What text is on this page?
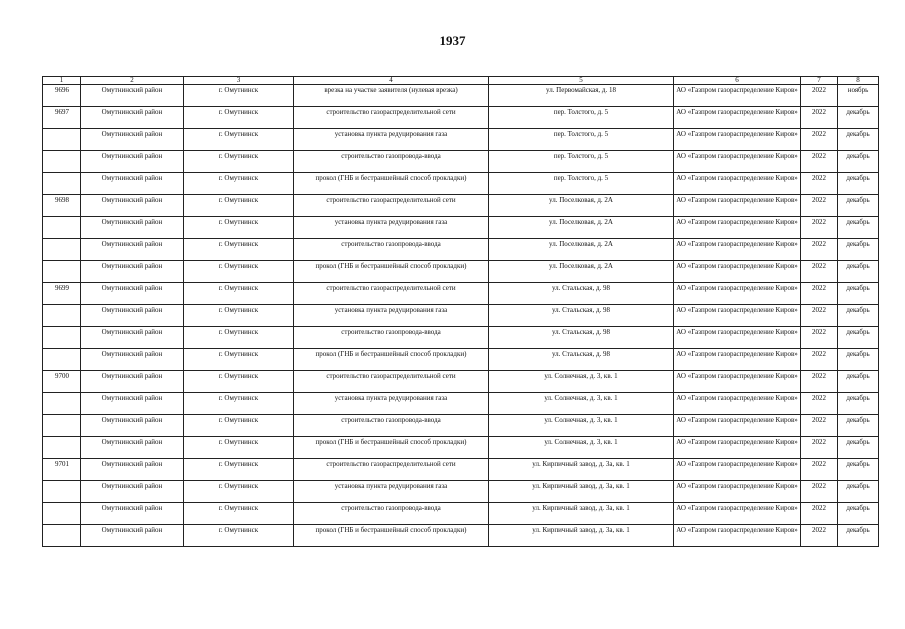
1937
1	2	3	4	5	6	7	8
9696	Омутнинский район	г. Омутнинск	врезка на участке заявителя (нулевая врезка)	ул. Первомайская, д. 18	АО «Газпром газораспределение Киров»	2022	ноябрь
9697	Омутнинский район	г. Омутнинск	строительство газораспределительной сети	пер. Толстого, д. 5	АО «Газпром газораспределение Киров»	2022	декабрь
	Омутнинский район	г. Омутнинск	установка пункта редуцирования газа	пер. Толстого, д. 5	АО «Газпром газораспределение Киров»	2022	декабрь
	Омутнинский район	г. Омутнинск	строительство газопровода-ввода	пер. Толстого, д. 5	АО «Газпром газораспределение Киров»	2022	декабрь
	Омутнинский район	г. Омутнинск	прокол (ГНБ и бестраншейный способ прокладки)	пер. Толстого, д. 5	АО «Газпром газораспределение Киров»	2022	декабрь
9698	Омутнинский район	г. Омутнинск	строительство газораспределительной сети	ул. Поселковая, д. 2А	АО «Газпром газораспределение Киров»	2022	декабрь
	Омутнинский район	г. Омутнинск	установка пункта редуцирования газа	ул. Поселковая, д. 2А	АО «Газпром газораспределение Киров»	2022	декабрь
	Омутнинский район	г. Омутнинск	строительство газопровода-ввода	ул. Поселковая, д. 2А	АО «Газпром газораспределение Киров»	2022	декабрь
	Омутнинский район	г. Омутнинск	прокол (ГНБ и бестраншейный способ прокладки)	ул. Поселковая, д. 2А	АО «Газпром газораспределение Киров»	2022	декабрь
9699	Омутнинский район	г. Омутнинск	строительство газораспределительной сети	ул. Стальская, д. 98	АО «Газпром газораспределение Киров»	2022	декабрь
	Омутнинский район	г. Омутнинск	установка пункта редуцирования газа	ул. Стальская, д. 98	АО «Газпром газораспределение Киров»	2022	декабрь
	Омутнинский район	г. Омутнинск	строительство газопровода-ввода	ул. Стальская, д. 98	АО «Газпром газораспределение Киров»	2022	декабрь
	Омутнинский район	г. Омутнинск	прокол (ГНБ и бестраншейный способ прокладки)	ул. Стальская, д. 98	АО «Газпром газораспределение Киров»	2022	декабрь
9700	Омутнинский район	г. Омутнинск	строительство газораспределительной сети	ул. Солнечная, д. 3, кв. 1	АО «Газпром газораспределение Киров»	2022	декабрь
	Омутнинский район	г. Омутнинск	установка пункта редуцирования газа	ул. Солнечная, д. 3, кв. 1	АО «Газпром газораспределение Киров»	2022	декабрь
	Омутнинский район	г. Омутнинск	строительство газопровода-ввода	ул. Солнечная, д. 3, кв. 1	АО «Газпром газораспределение Киров»	2022	декабрь
	Омутнинский район	г. Омутнинск	прокол (ГНБ и бестраншейный способ прокладки)	ул. Солнечная, д. 3, кв. 1	АО «Газпром газораспределение Киров»	2022	декабрь
9701	Омутнинский район	г. Омутнинск	строительство газораспределительной сети	ул. Кирпичный завод, д. 3а, кв. 1	АО «Газпром газораспределение Киров»	2022	декабрь
	Омутнинский район	г. Омутнинск	установка пункта редуцирования газа	ул. Кирпичный завод, д. 3а, кв. 1	АО «Газпром газораспределение Киров»	2022	декабрь
	Омутнинский район	г. Омутнинск	строительство газопровода-ввода	ул. Кирпичный завод, д. 3а, кв. 1	АО «Газпром газораспределение Киров»	2022	декабрь
	Омутнинский район	г. Омутнинск	прокол (ГНБ и бестраншейный способ прокладки)	ул. Кирпичный завод, д. 3а, кв. 1	АО «Газпром газораспределение Киров»	2022	декабрь
